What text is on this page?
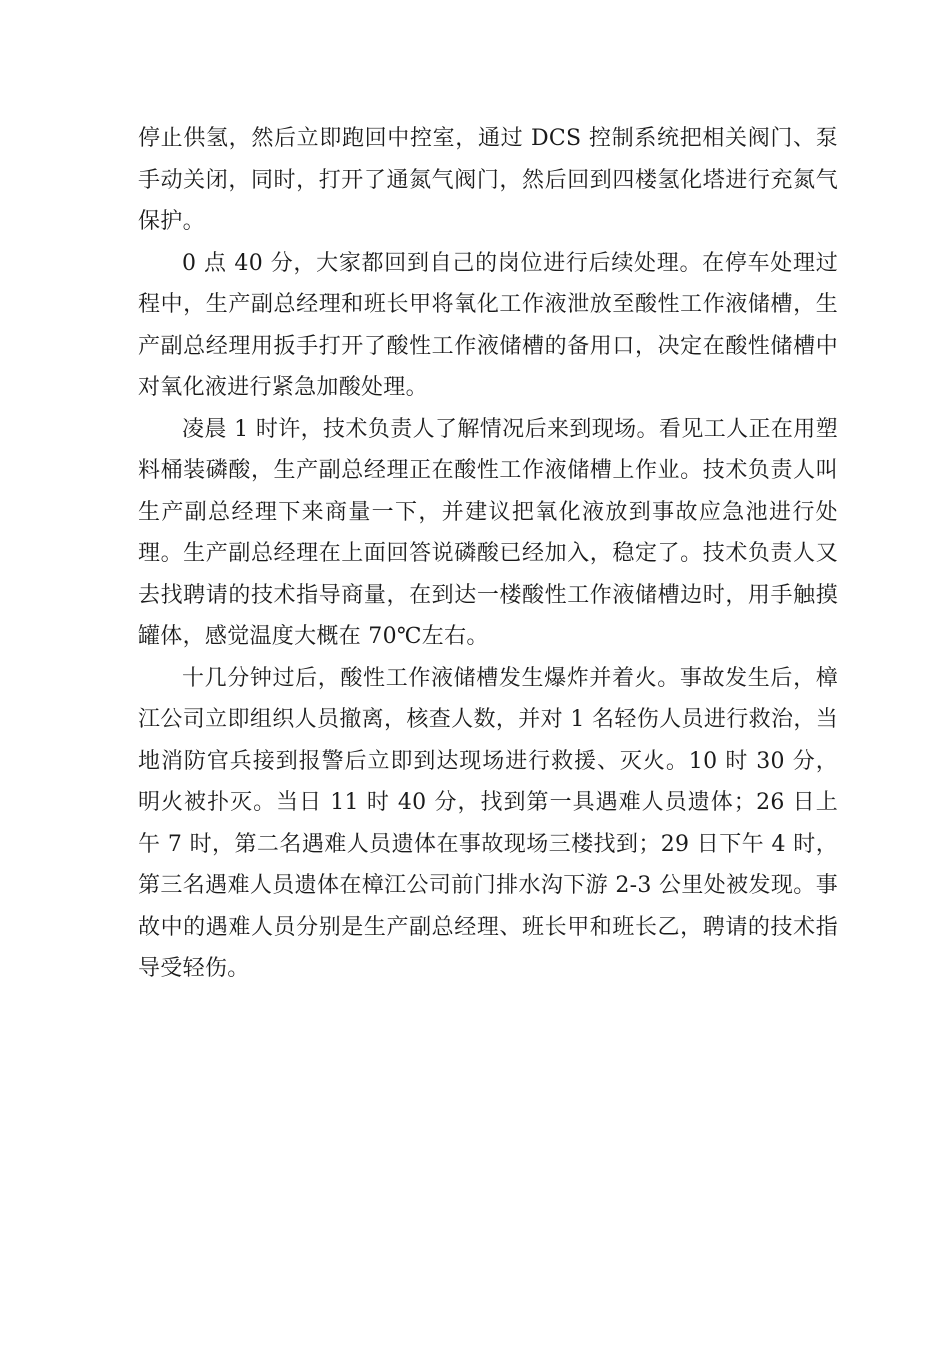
停止供氢，然后立即跑回中控室，通过 DCS 控制系统把相关阀门、泵手动关闭，同时，打开了通氮气阀门，然后回到四楼氢化塔进行充氮气保护。

0 点 40 分，大家都回到自己的岗位进行后续处理。在停车处理过程中，生产副总经理和班长甲将氧化工作液泄放至酸性工作液储槽，生产副总经理用扳手打开了酸性工作液储槽的备用口，决定在酸性储槽中对氧化液进行紧急加酸处理。

凌晨 1 时许，技术负责人了解情况后来到现场。看见工人正在用塑料桶装磷酸，生产副总经理正在酸性工作液储槽上作业。技术负责人叫生产副总经理下来商量一下，并建议把氧化液放到事故应急池进行处理。生产副总经理在上面回答说磷酸已经加入，稳定了。技术负责人又去找聘请的技术指导商量，在到达一楼酸性工作液储槽边时，用手触摸罐体，感觉温度大概在 70℃左右。

十几分钟过后，酸性工作液储槽发生爆炸并着火。事故发生后，樟江公司立即组织人员撤离，核查人数，并对 1 名轻伤人员进行救治，当地消防官兵接到报警后立即到达现场进行救援、灭火。10 时 30 分，明火被扑灭。当日 11 时 40 分，找到第一具遇难人员遗体；26 日上午 7 时，第二名遇难人员遗体在事故现场三楼找到；29 日下午 4 时，第三名遇难人员遗体在樟江公司前门排水沟下游 2-3 公里处被发现。事故中的遇难人员分别是生产副总经理、班长甲和班长乙，聘请的技术指导受轻伤。
